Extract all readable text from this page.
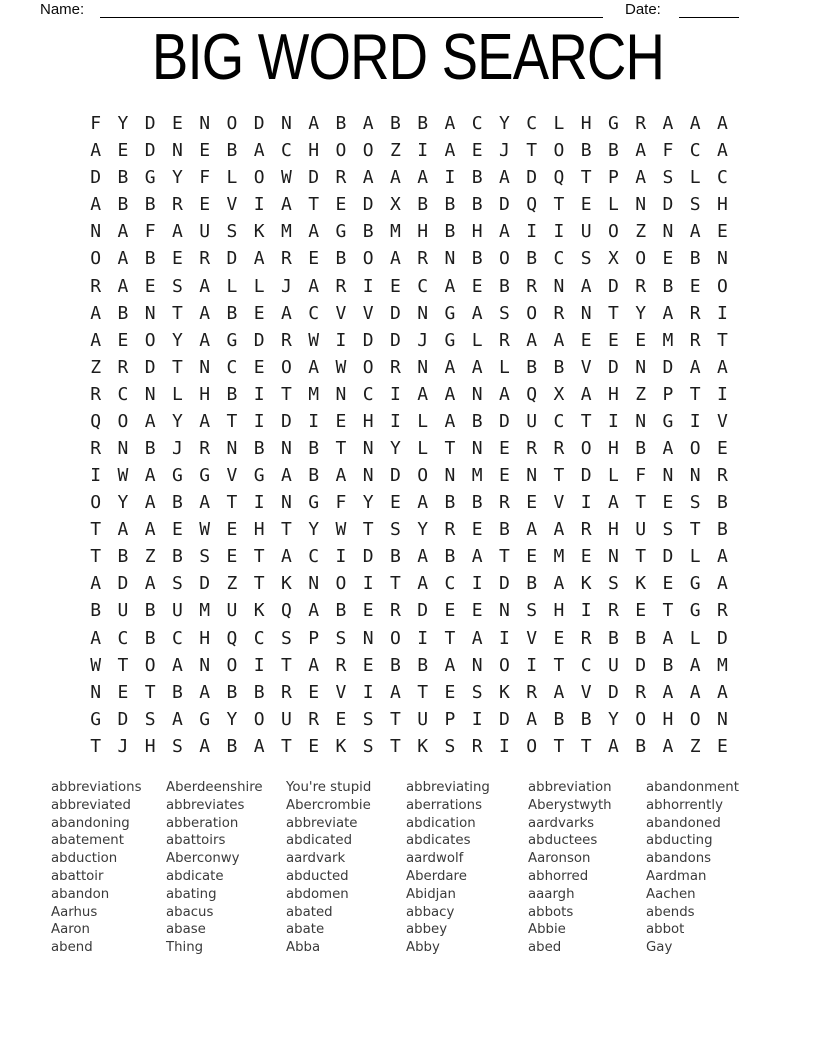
Name:	Date:
BIG WORD SEARCH
F Y D E N O D N A B A B B A C Y C L H G R A A A
A E D N E B A C H O O Z I A E J T O B B A F C A
D B G Y F L O W D R A A A I B A D Q T P A S L C
A B B R E V I A T E D X B B B D Q T E L N D S H
N A F A U S K M A G B M H B H A I I U O Z N A E
O A B E R D A R E B O A R N B O B C S X O E B N
R A E S A L L J A R I E C A E B R N A D R B E O
A B N T A B E A C V V D N G A S O R N T Y A R I
A E O Y A G D R W I D D J G L R A A E E E M R T
Z R D T N C E O A W O R N A A L B B V D N D A A
R C N L H B I T M N C I A A N A Q X A H Z P T I
Q O A Y A T I D I E H I L A B D U C T I N G I V
R N B J R N B N B T N Y L T N E R R O H B A O E
I W A G G V G A B A N D O N M E N T D L F N N R
O Y A B A T I N G F Y E A B B R E V I A T E S B
T A A E W E H T Y W T S Y R E B A A R H U S T B
T B Z B S E T A C I D B A B A T E M E N T D L A
A D A S D Z T K N O I T A C I D B A K S K E G A
B U B U M U K Q A B E R D E E N S H I R E T G R
A C B C H Q C S P S N O I T A I V E R B B A L D
W T O A N O I T A R E B B A N O I T C U D B A M
N E T B A B B R E V I A T E S K R A V D R A A A
G D S A G Y O U R E S T U P I D A B B Y O H O N
T J H S A B A T E K S T K S R I O T T A B A Z E
abbreviations
abbreviated
abandoning
abatement
abduction
abattoir
abandon
Aarhus
Aaron
abend
Aberdeenshire
abbreviates
abberation
abattoirs
Aberconwy
abdicate
abating
abacus
abase
Thing
You're stupid
Abercrombie
abbreviate
abdicated
aardvark
abducted
abdomen
abated
abate
Abba
abbreviating
aberrations
abdication
abdicates
aardwolf
Aberdare
Abidjan
abbacy
abbey
Abby
abbreviation
Aberystwyth
aardvarks
abductees
Aaronson
abhorred
aaargh
abbots
Abbie
abed
abandonment
abhorrently
abandoned
abducting
abandons
Aardman
Aachen
abends
abbot
Gay
